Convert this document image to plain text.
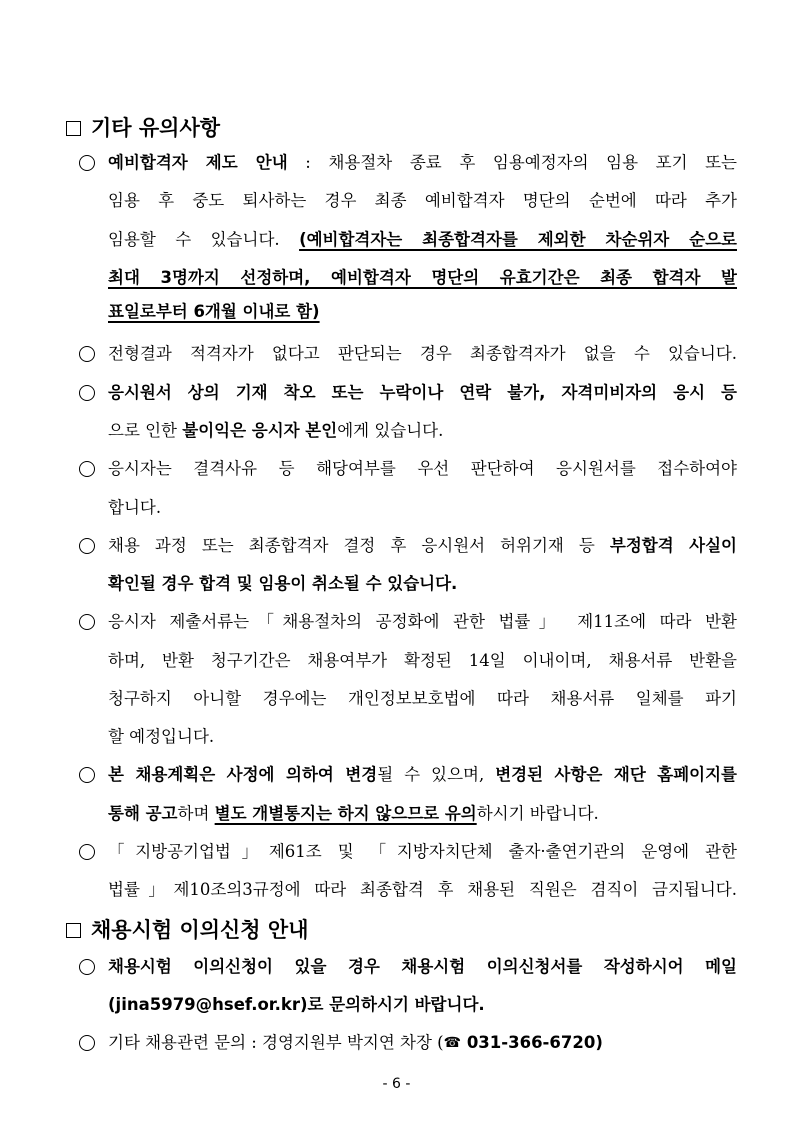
기타 유의사항
예비합격자 제도 안내 : 채용절차 종료 후 임용예정자의 임용 포기 또는
임용 후 중도 퇴사하는 경우 최종 예비합격자 명단의 순번에 따라 추가
임용할 수 있습니다. (예비합격자는 최종합격자를 제외한 차순위자 순으로
최대 3명까지 선정하며, 예비합격자 명단의 유효기간은 최종 합격자 발
표일로부터 6개월 이내로 함)
전형결과 적격자가 없다고 판단되는 경우 최종합격자가 없을 수 있습니다.
응시원서 상의 기재 착오 또는 누락이나 연락 불가, 자격미비자의 응시 등
으로 인한 불이익은 응시자 본인에게 있습니다.
응시자는 결격사유 등 해당여부를 우선 판단하여 응시원서를 접수하여야
합니다.
채용 과정 또는 최종합격자 결정 후 응시원서 허위기재 등 부정합격 사실이
확인될 경우 합격 및 임용이 취소될 수 있습니다.
응시자 제출서류는「채용절차의 공정화에 관한 법률」 제11조에 따라 반환
하며, 반환 청구기간은 채용여부가 확정된 14일 이내이며, 채용서류 반환을
청구하지 아니할 경우에는 개인정보보호법에 따라 채용서류 일체를 파기
할 예정입니다.
본 채용계획은 사정에 의하여 변경될 수 있으며, 변경된 사항은 재단 홈페이지를
통해 공고하며 별도 개별통지는 하지 않으므로 유의하시기 바랍니다.
「지방공기업법」제61조 및 「지방자치단체 출자·출연기관의 운영에 관한
법률」제10조의3규정에 따라 최종합격 후 채용된 직원은 겸직이 금지됩니다.
채용시험 이의신청 안내
채용시험 이의신청이 있을 경우 채용시험 이의신청서를 작성하시어 메일
(jina5979@hsef.or.kr)로 문의하시기 바랍니다.
기타 채용관련 문의 : 경영지원부 박지연 차장 (☎ 031-366-6720)
- 6 -
